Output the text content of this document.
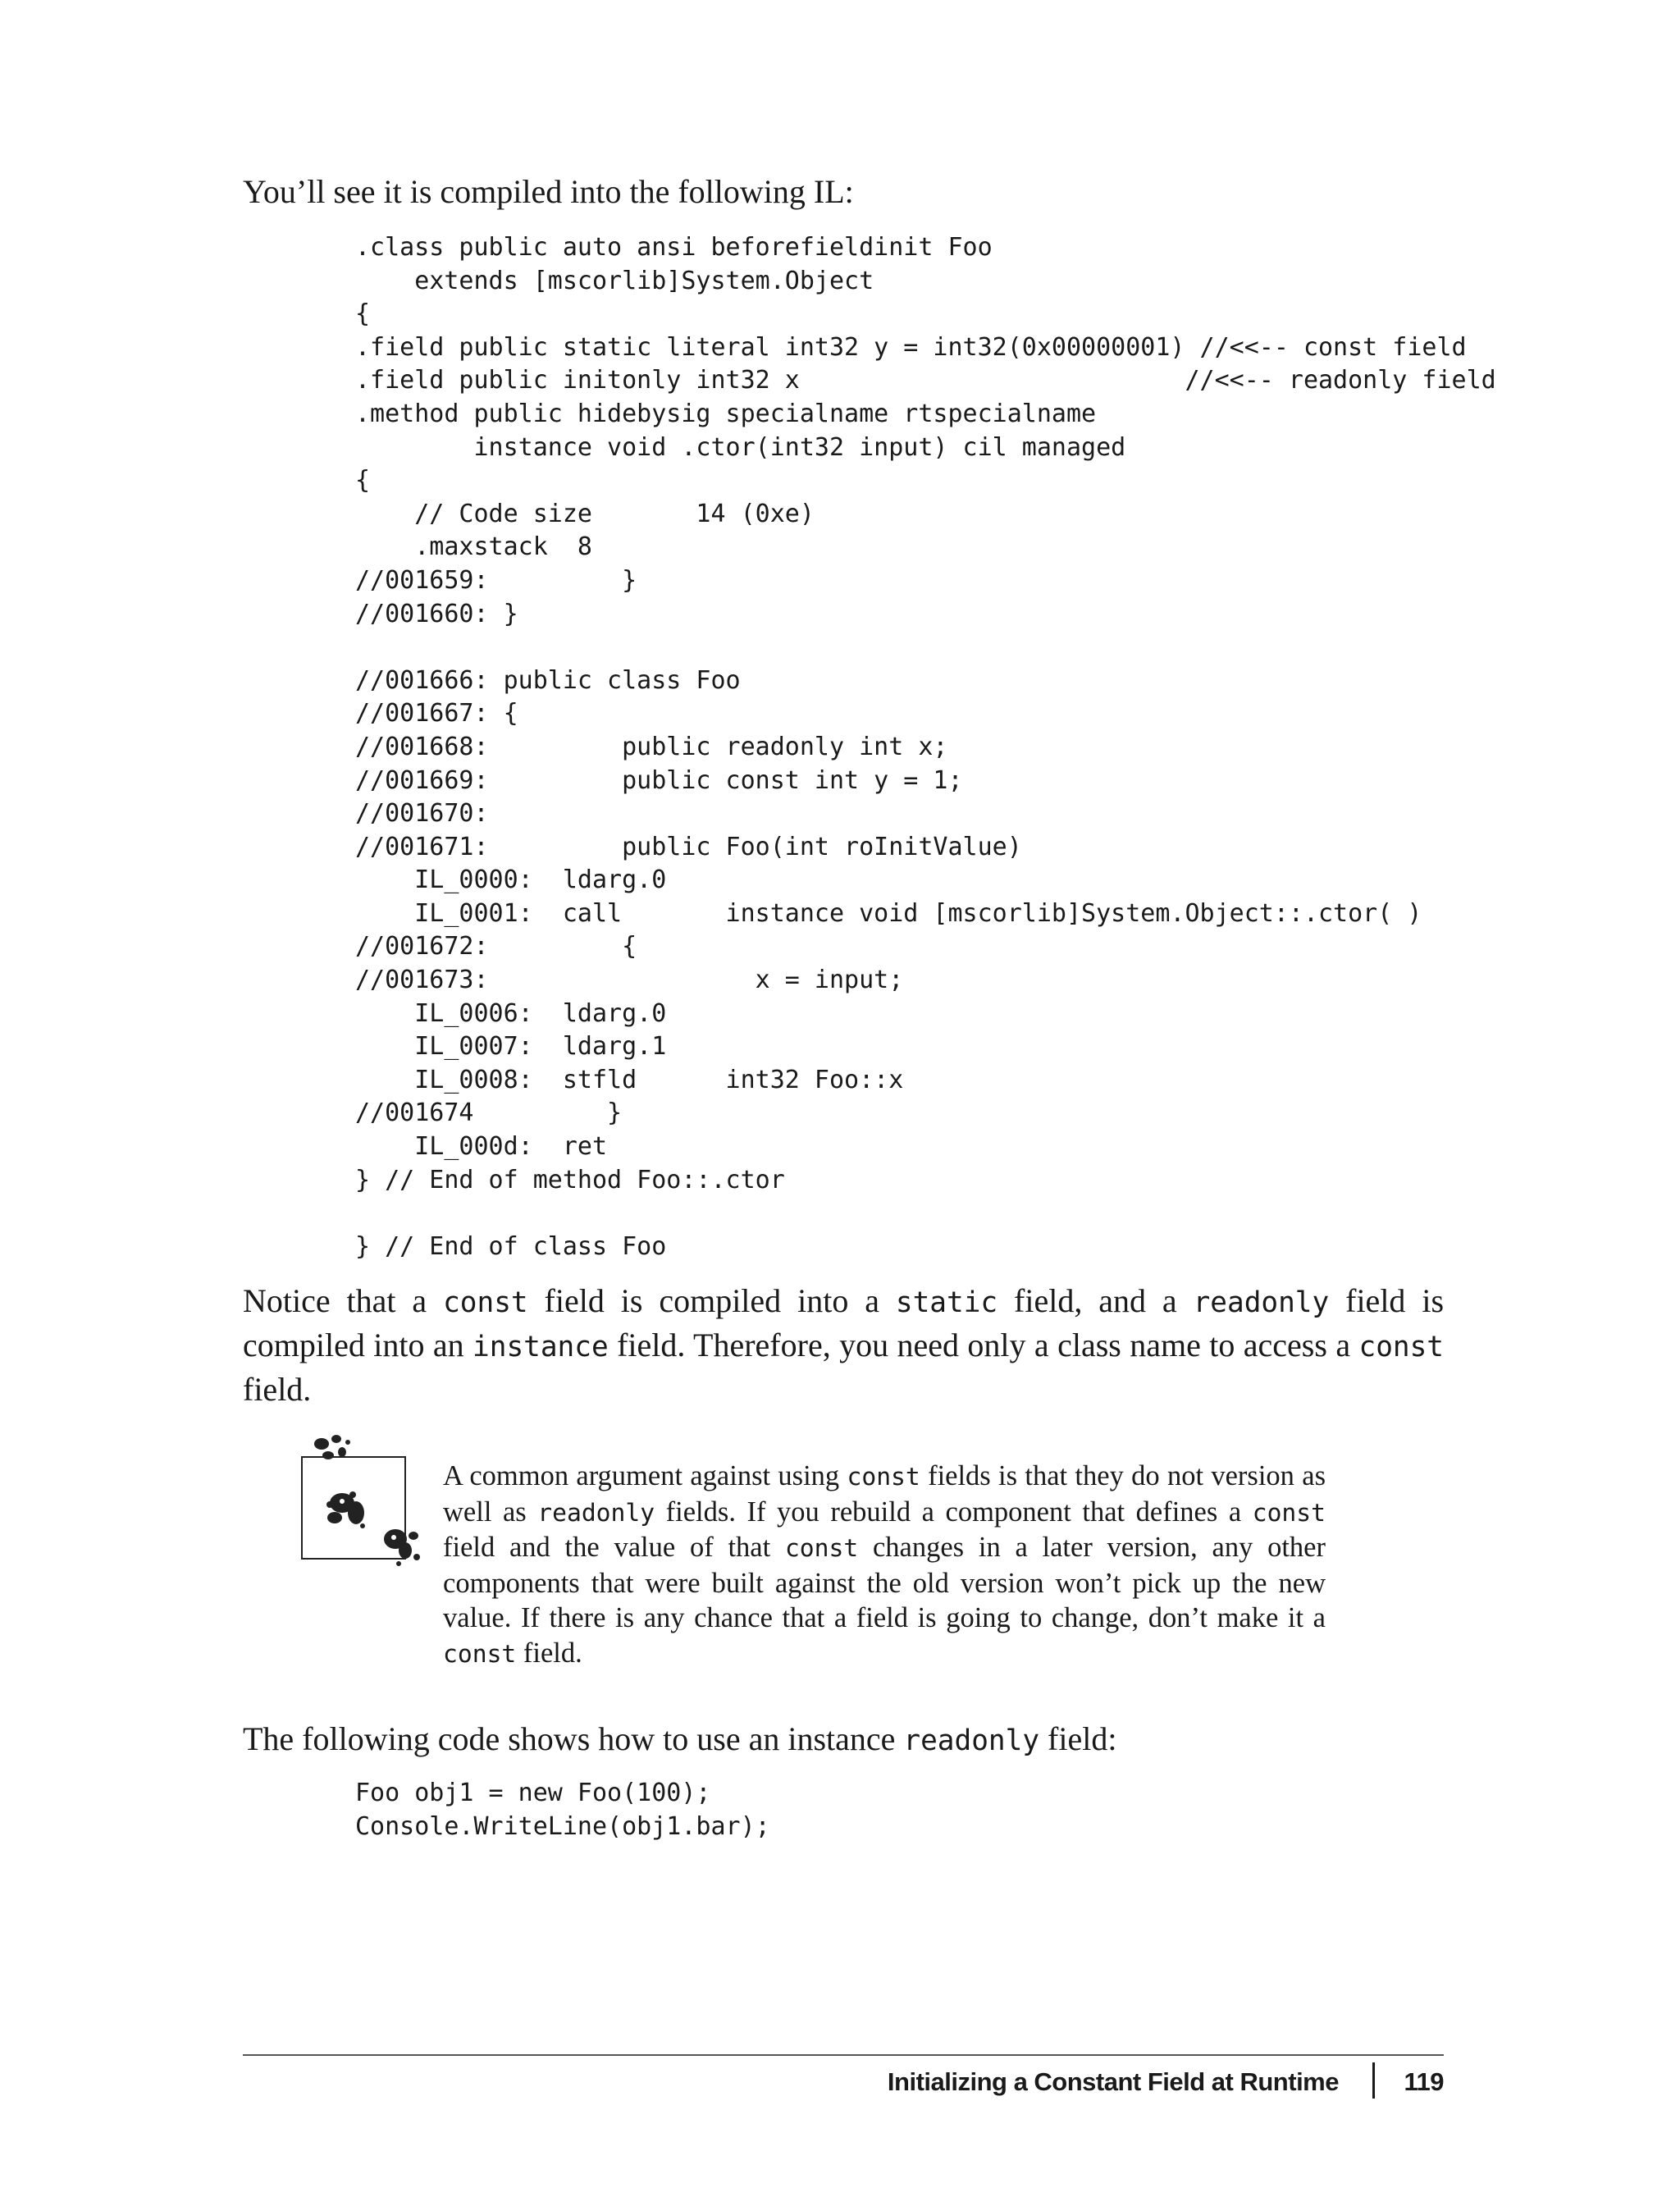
You’ll see it is compiled into the following IL:

.class public auto ansi beforefieldinit Foo
extends [mscorlib]System.Object
{
.field public static literal int32 y = int32(0x00000001) //<<-- const field
.field public initonly int32 x                          //<<-- readonly field
.method public hidebysig specialname rtspecialname
instance void .ctor(int32 input) cil managed
{
// Code size       14 (0xe)
.maxstack  8
//001659:         }
//001660: }

//001666: public class Foo
//001667: {
//001668:         public readonly int x;
//001669:         public const int y = 1;
//001670:
//001671:         public Foo(int roInitValue)
IL_0000:  ldarg.0
IL_0001:  call       instance void [mscorlib]System.Object::.ctor( )
//001672:         {
//001673:                  x = input;
IL_0006:  ldarg.0
IL_0007:  ldarg.1
IL_0008:  stfld      int32 Foo::x
//001674         }
IL_000d:  ret
} // End of method Foo::.ctor

} // End of class Foo

Notice that a const field is compiled into a static field, and a readonly field is compiled into an instance field. Therefore, you need only a class name to access a const field.

A common argument against using const fields is that they do not version as well as readonly fields. If you rebuild a component that defines a const field and the value of that const changes in a later version, any other components that were built against the old version won’t pick up the new value. If there is any chance that a field is going to change, don’t make it a const field.

The following code shows how to use an instance readonly field:

Foo obj1 = new Foo(100);
Console.WriteLine(obj1.bar);
Initializing a Constant Field at Runtime	119
